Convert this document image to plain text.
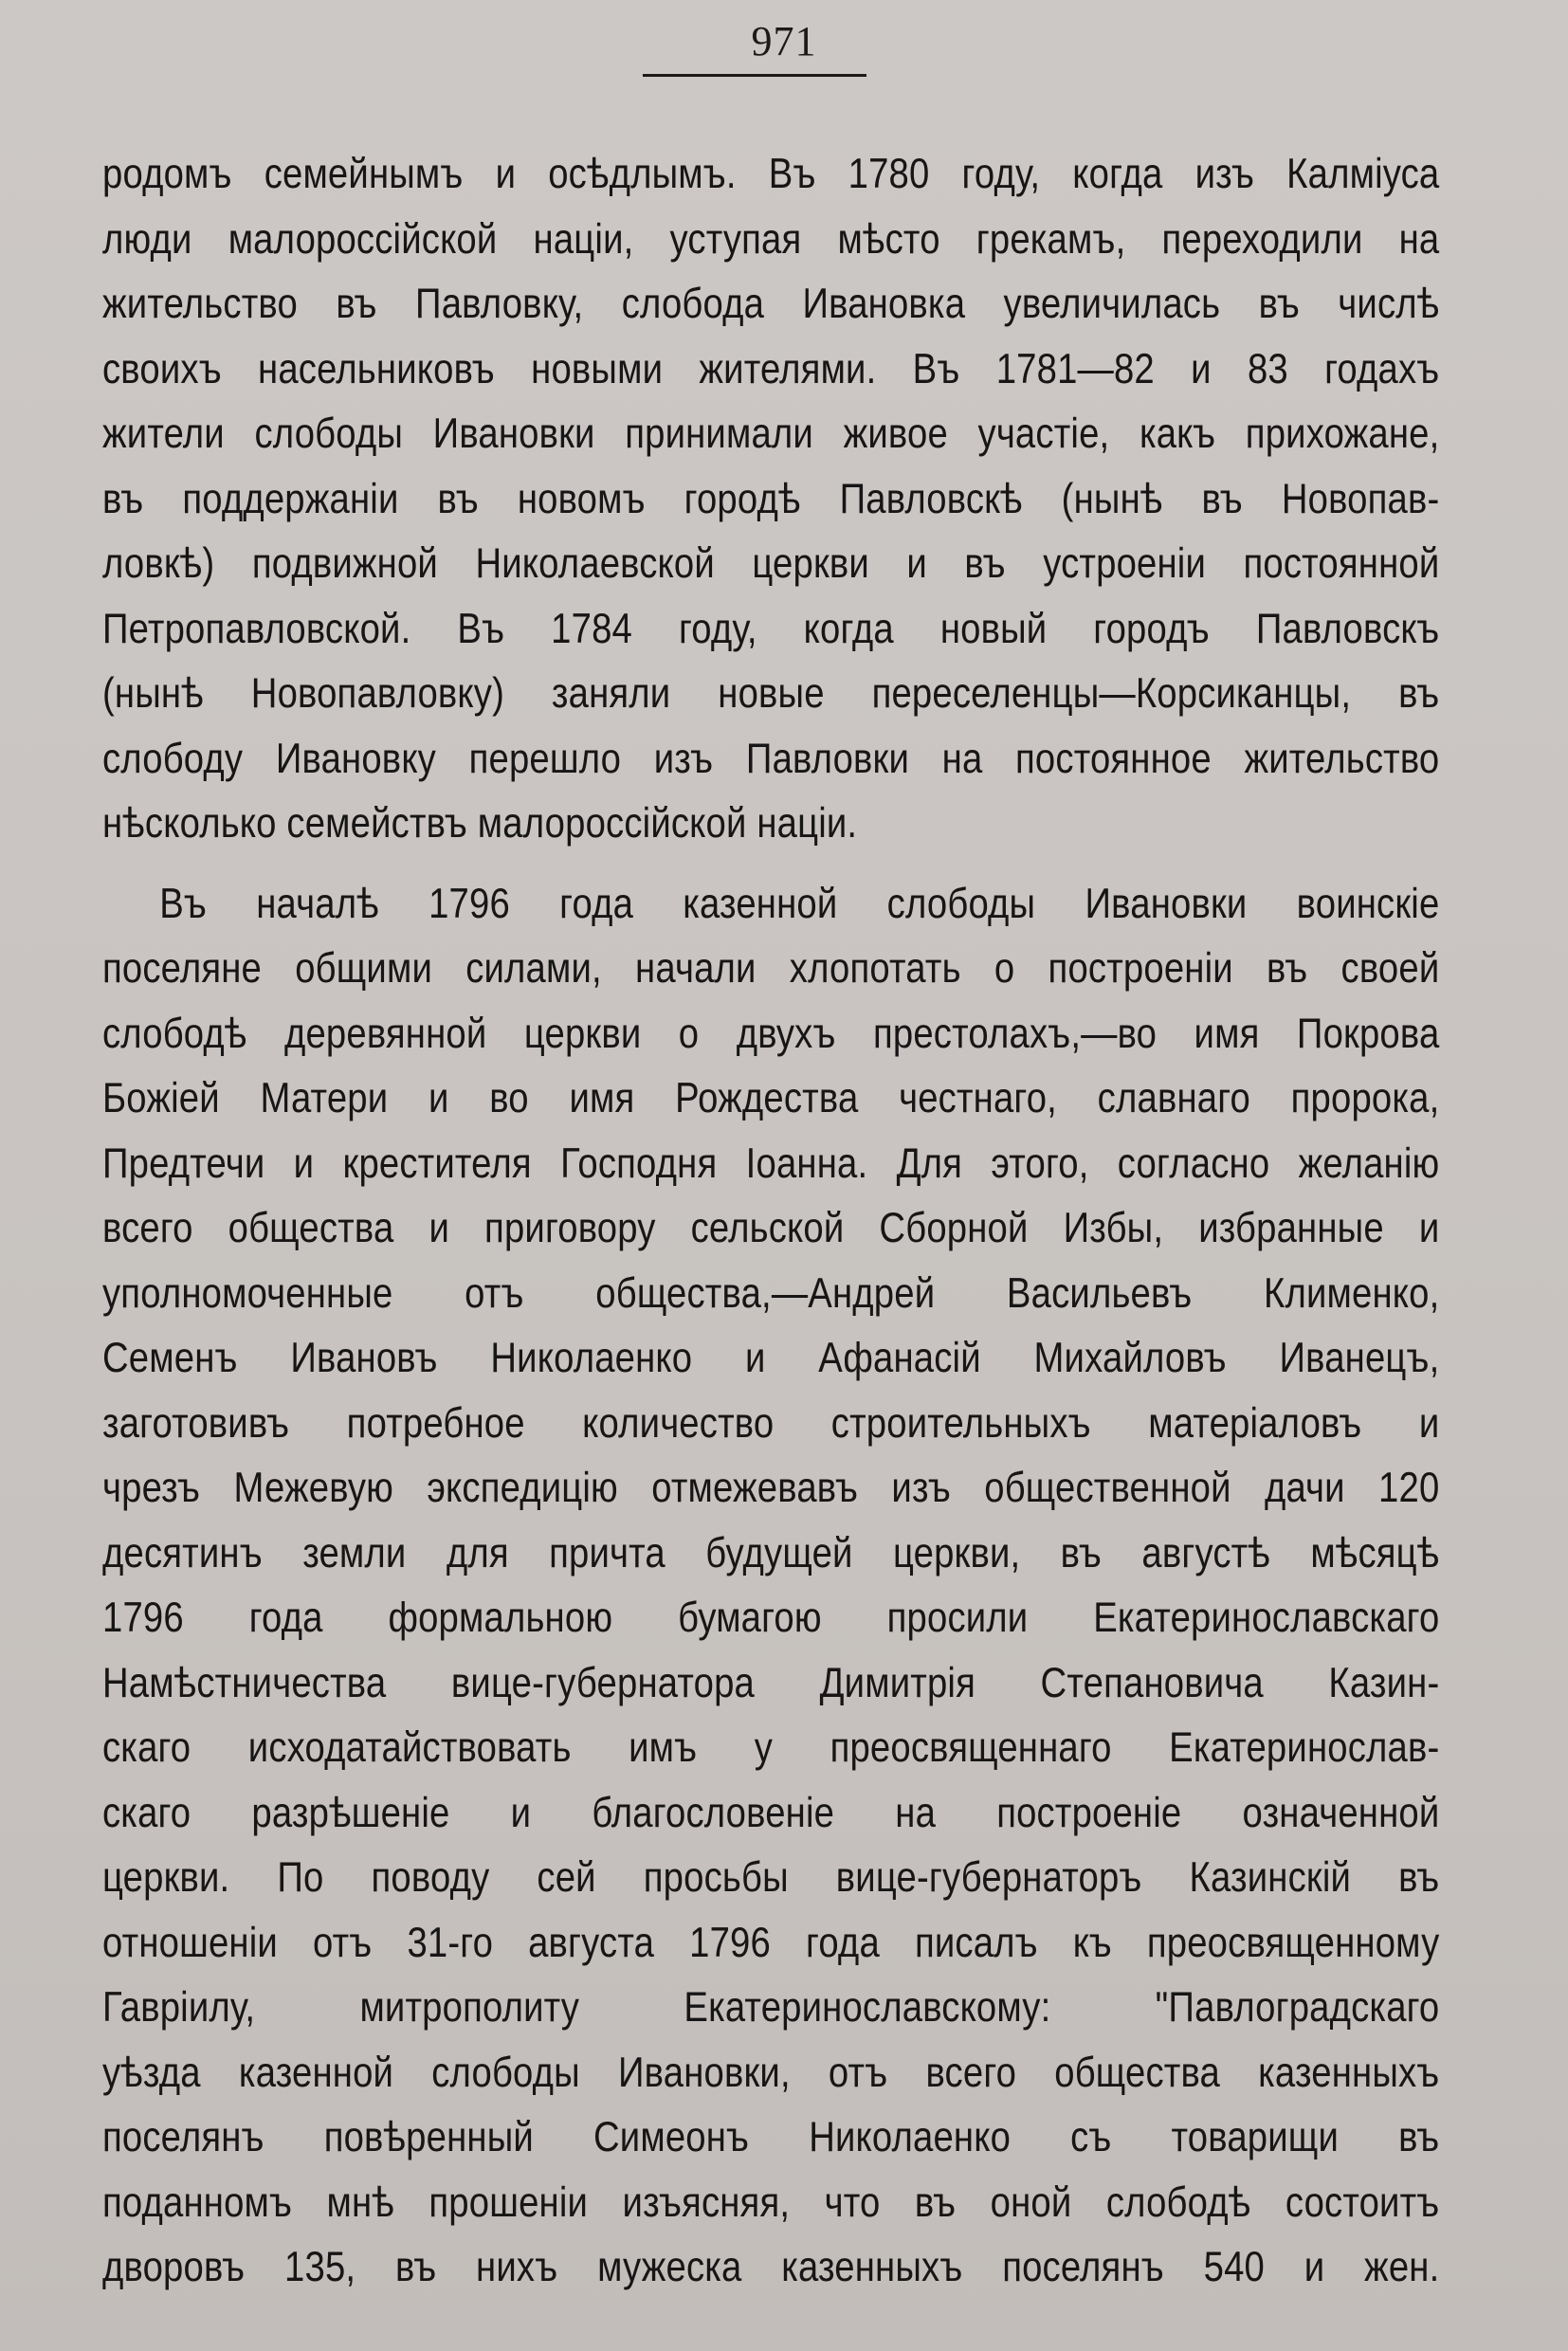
971
родомъ семейнымъ и осѣдлымъ. Въ 1780 году, когда изъ Калміуса
люди малороссійской націи, уступая мѣсто грекамъ, переходили на
жительство въ Павловку, слобода Ивановка увеличилась въ числѣ
своихъ насельниковъ новыми жителями. Въ 1781—82 и 83 годахъ
жители слободы Ивановки принимали живое участіе, какъ прихожане,
въ поддержаніи въ новомъ городѣ Павловскѣ (нынѣ въ Новопав-
ловкѣ) подвижной Николаевской церкви и въ устроеніи постоянной
Петропавловской. Въ 1784 году, когда новый городъ Павловскъ
(нынѣ Новопавловку) заняли новые переселенцы—Корсиканцы, въ
слободу Ивановку перешло изъ Павловки на постоянное жительство
нѣсколько семействъ малороссійской націи.
Въ началѣ 1796 года казенной слободы Ивановки воинскіе
поселяне общими силами, начали хлопотать о построеніи въ своей
слободѣ деревянной церкви о двухъ престолахъ,—во имя Покрова
Божіей Матери и во имя Рождества честнаго, славнаго пророка,
Предтечи и крестителя Господня Іоанна. Для этого, согласно желанію
всего общества и приговору сельской Сборной Избы, избранные и
уполномоченные отъ общества,—Андрей Васильевъ Клименко,
Семенъ Ивановъ Николаенко и Афанасій Михайловъ Иванецъ,
заготовивъ потребное количество строительныхъ матеріаловъ и
чрезъ Межевую экспедицію отмежевавъ изъ общественной дачи 120
десятинъ земли для причта будущей церкви, въ августѣ мѣсяцѣ
1796 года формальною бумагою просили Екатеринославскаго
Намѣстничества вице-губернатора Димитрія Степановича Казин-
скаго исходатайствовать имъ у преосвященнаго Екатеринослав-
скаго разрѣшеніе и благословеніе на построеніе означенной
церкви. По поводу сей просьбы вице-губернаторъ Казинскій въ
отношеніи отъ 31-го августа 1796 года писалъ къ преосвященному
Гавріилу, митрополиту Екатеринославскому: "Павлоградскаго
уѣзда казенной слободы Ивановки, отъ всего общества казенныхъ
поселянъ повѣренный Симеонъ Николаенко съ товарищи въ
поданномъ мнѣ прошеніи изъясняя, что въ оной слободѣ состоитъ
дворовъ 135, въ нихъ мужеска казенныхъ поселянъ 540 и жен.
